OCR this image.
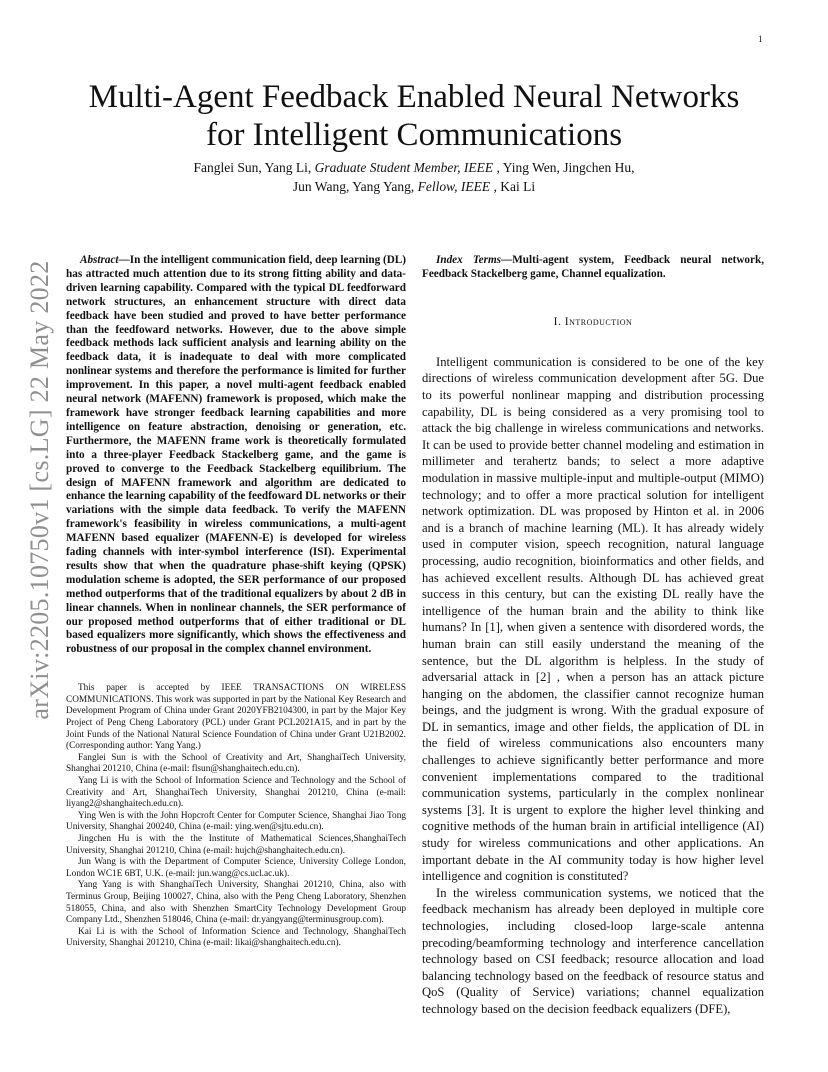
1
arXiv:2205.10750v1 [cs.LG] 22 May 2022
Multi-Agent Feedback Enabled Neural Networks
for Intelligent Communications
Fanglei Sun, Yang Li, Graduate Student Member, IEEE , Ying Wen, Jingchen Hu,
Jun Wang, Yang Yang, Fellow, IEEE , Kai Li

Abstract—In the intelligent communication field, deep learning (DL) has attracted much attention due to its strong fitting ability and data-driven learning capability. Compared with the typical DL feedforward network structures, an enhancement structure with direct data feedback have been studied and proved to have better performance than the feedfoward networks. However, due to the above simple feedback methods lack sufficient analysis and learning ability on the feedback data, it is inadequate to deal with more complicated nonlinear systems and therefore the performance is limited for further improvement. In this paper, a novel multi-agent feedback enabled neural network (MAFENN) framework is proposed, which make the framework have stronger feedback learning capabilities and more intelligence on feature abstraction, denoising or generation, etc. Furthermore, the MAFENN frame work is theoretically formulated into a three-player Feedback Stackelberg game, and the game is proved to converge to the Feedback Stackelberg equilibrium. The design of MAFENN framework and algorithm are dedicated to enhance the learning capability of the feedfoward DL networks or their variations with the simple data feedback. To verify the MAFENN framework's feasibility in wireless communications, a multi-agent MAFENN based equalizer (MAFENN-E) is developed for wireless fading channels with inter-symbol interference (ISI). Experimental results show that when the quadrature phase-shift keying (QPSK) modulation scheme is adopted, the SER performance of our proposed method outperforms that of the traditional equalizers by about 2 dB in linear channels. When in nonlinear channels, the SER performance of our proposed method outperforms that of either traditional or DL based equalizers more significantly, which shows the effectiveness and robustness of our proposal in the complex channel environment.

This paper is accepted by IEEE TRANSACTIONS ON WIRELESS COMMUNICATIONS. This work was supported in part by the National Key Research and Development Program of China under Grant 2020YFB2104300, in part by the Major Key Project of Peng Cheng Laboratory (PCL) under Grant PCL2021A15, and in part by the Joint Funds of the National Natural Science Foundation of China under Grant U21B2002. (Corresponding author: Yang Yang.)

Fanglei Sun is with the School of Creativity and Art, ShanghaiTech University, Shanghai 201210, China (e-mail: flsun@shanghaitech.edu.cn).

Yang Li is with the School of Information Science and Technology and the School of Creativity and Art, ShanghaiTech University, Shanghai 201210, China (e-mail: liyang2@shanghaitech.edu.cn).

Ying Wen is with the John Hopcroft Center for Computer Science, Shanghai Jiao Tong University, Shanghai 200240, China (e-mail: ying.wen@sjtu.edu.cn).

Jingchen Hu is with the the Institute of Mathematical Sciences,ShanghaiTech University, Shanghai 201210, China (e-mail: hujch@shanghaitech.edu.cn).

Jun Wang is with the Department of Computer Science, University College London, London WC1E 6BT, U.K. (e-mail: jun.wang@cs.ucl.ac.uk).

Yang Yang is with ShanghaiTech University, Shanghai 201210, China, also with Terminus Group, Beijing 100027, China, also with the Peng Cheng Laboratory, Shenzhen 518055, China, and also with Shenzhen SmartCity Technology Development Group Company Ltd., Shenzhen 518046, China (e-mail: dr.yangyang@terminusgroup.com).

Kai Li is with the School of Information Science and Technology, ShanghaiTech University, Shanghai 201210, China (e-mail: likai@shanghaitech.edu.cn).

Index Terms—Multi-agent system, Feedback neural network, Feedback Stackelberg game, Channel equalization.

I. Introduction

Intelligent communication is considered to be one of the key directions of wireless communication development after 5G. Due to its powerful nonlinear mapping and distribution processing capability, DL is being considered as a very promising tool to attack the big challenge in wireless communications and networks. It can be used to provide better channel modeling and estimation in millimeter and terahertz bands; to select a more adaptive modulation in massive multiple-input and multiple-output (MIMO) technology; and to offer a more practical solution for intelligent network optimization. DL was proposed by Hinton et al. in 2006 and is a branch of machine learning (ML). It has already widely used in computer vision, speech recognition, natural language processing, audio recognition, bioinformatics and other fields, and has achieved excellent results. Although DL has achieved great success in this century, but can the existing DL really have the intelligence of the human brain and the ability to think like humans? In [1], when given a sentence with disordered words, the human brain can still easily understand the meaning of the sentence, but the DL algorithm is helpless. In the study of adversarial attack in [2] , when a person has an attack picture hanging on the abdomen, the classifier cannot recognize human beings, and the judgment is wrong. With the gradual exposure of DL in semantics, image and other fields, the application of DL in the field of wireless communications also encounters many challenges to achieve significantly better performance and more convenient implementations compared to the traditional communication systems, particularly in the complex nonlinear systems [3]. It is urgent to explore the higher level thinking and cognitive methods of the human brain in artificial intelligence (AI) study for wireless communications and other applications. An important debate in the AI community today is how higher level intelligence and cognition is constituted?

In the wireless communication systems, we noticed that the feedback mechanism has already been deployed in multiple core technologies, including closed-loop large-scale antenna precoding/beamforming technology and interference cancellation technology based on CSI feedback; resource allocation and load balancing technology based on the feedback of resource status and QoS (Quality of Service) variations; channel equalization technology based on the decision feedback equalizers (DFE),
